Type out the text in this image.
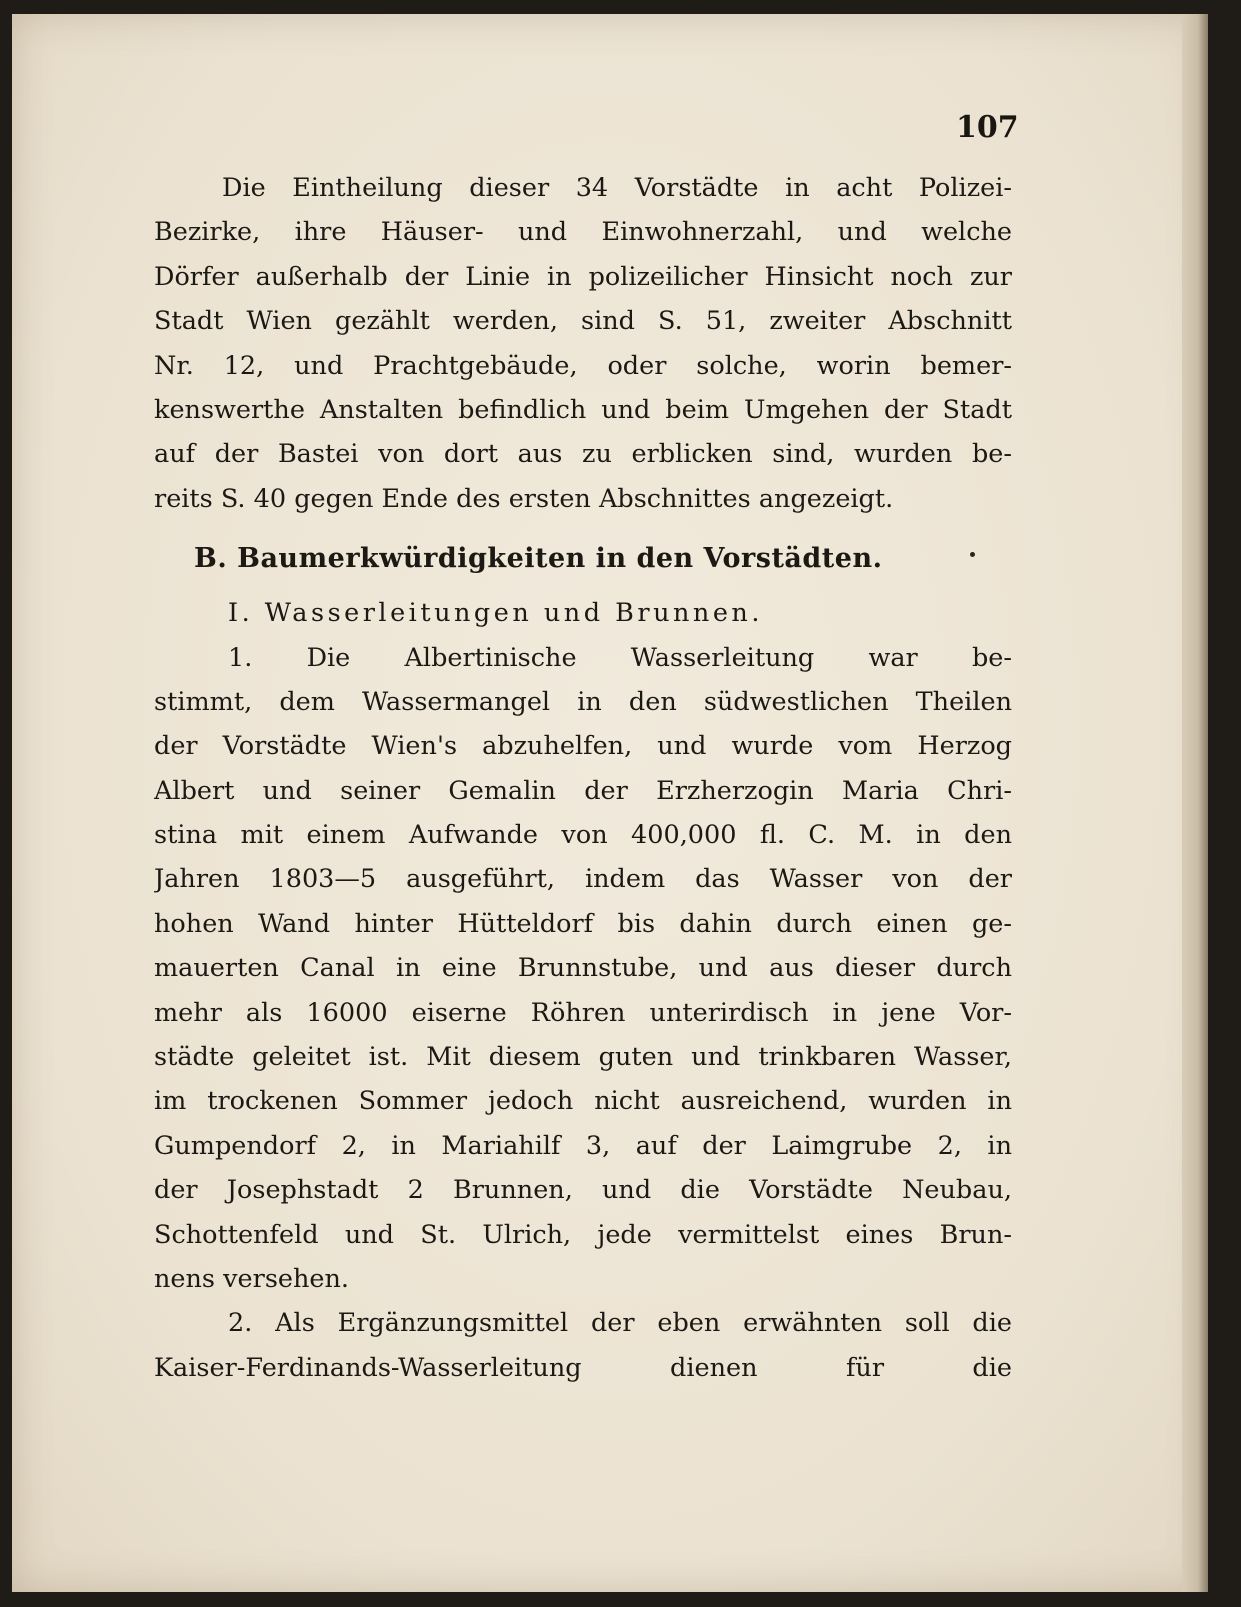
107
Die Eintheilung dieser 34 Vorstädte in acht Polizei-
Bezirke, ihre Häuser- und Einwohnerzahl, und welche
Dörfer außerhalb der Linie in polizeilicher Hinsicht noch zur
Stadt Wien gezählt werden, sind S. 51, zweiter Abschnitt
Nr. 12, und Prachtgebäude, oder solche, worin bemer-
kenswerthe Anstalten befindlich und beim Umgehen der Stadt
auf der Bastei von dort aus zu erblicken sind, wurden be-
reits S. 40 gegen Ende des ersten Abschnittes angezeigt.
B. Baumerkwürdigkeiten in den Vorstädten.
I. Wasserleitungen und Brunnen.
1. Die Albertinische Wasserleitung war be-
stimmt, dem Wassermangel in den südwestlichen Theilen
der Vorstädte Wien's abzuhelfen, und wurde vom Herzog
Albert und seiner Gemalin der Erzherzogin Maria Chri-
stina mit einem Aufwande von 400,000 fl. C. M. in den
Jahren 1803—5 ausgeführt, indem das Wasser von der
hohen Wand hinter Hütteldorf bis dahin durch einen ge-
mauerten Canal in eine Brunnstube, und aus dieser durch
mehr als 16000 eiserne Röhren unterirdisch in jene Vor-
städte geleitet ist. Mit diesem guten und trinkbaren Wasser,
im trockenen Sommer jedoch nicht ausreichend, wurden in
Gumpendorf 2, in Mariahilf 3, auf der Laimgrube 2, in
der Josephstadt 2 Brunnen, und die Vorstädte Neubau,
Schottenfeld und St. Ulrich, jede vermittelst eines Brun-
nens versehen.
2. Als Ergänzungsmittel der eben erwähnten soll die
Kaiser-Ferdinands-Wasserleitung dienen für die
